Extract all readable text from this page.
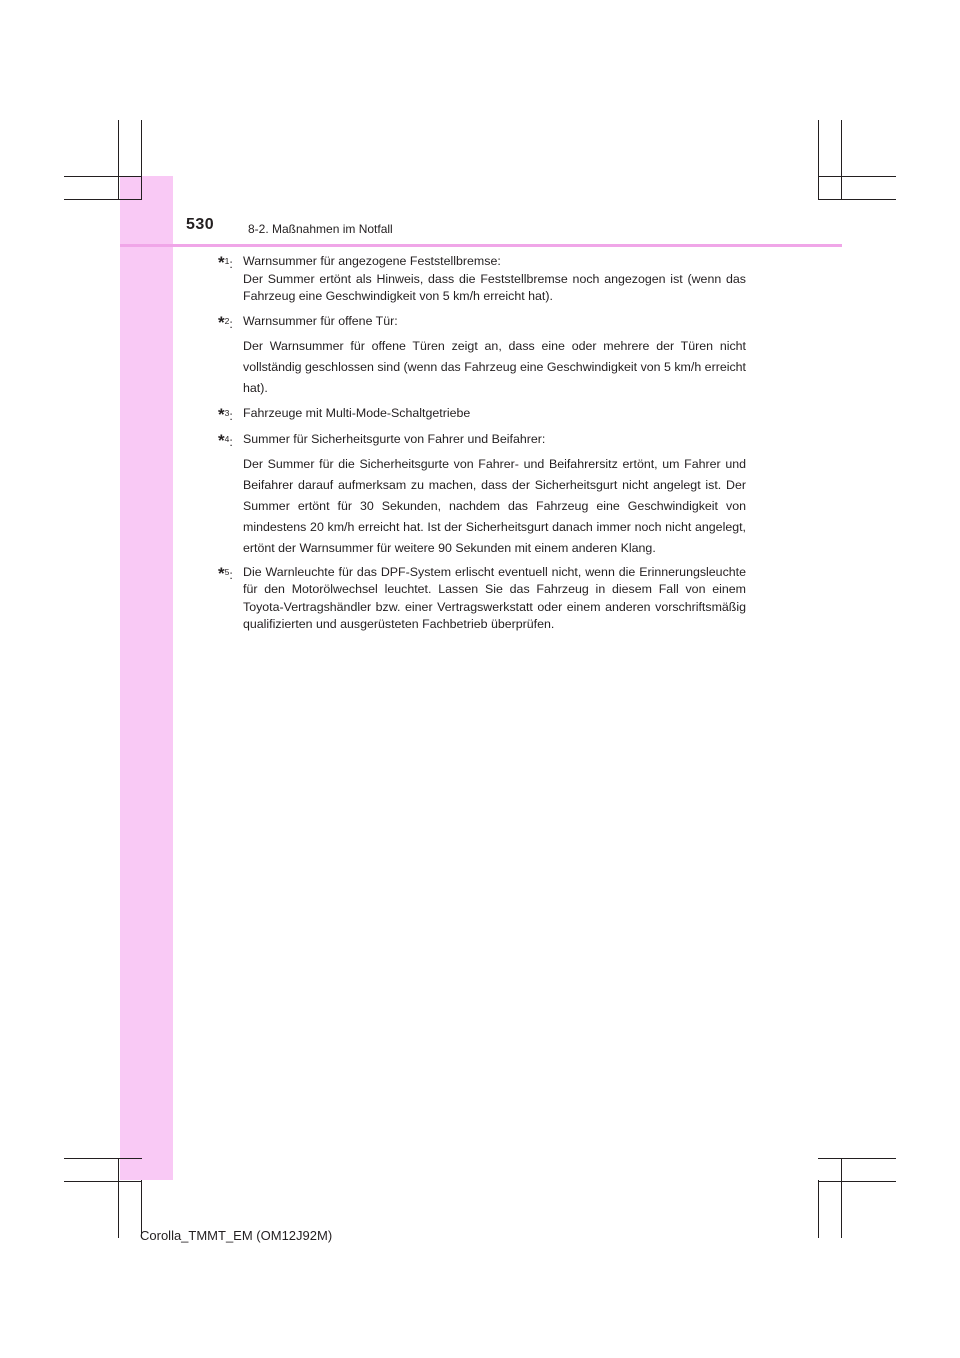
530	8-2. Maßnahmen im Notfall
*$^1$: Warnsummer für angezogene Feststellbremse:
Der Summer ertönt als Hinweis, dass die Feststellbremse noch angezogen ist (wenn das Fahrzeug eine Geschwindigkeit von 5 km/h erreicht hat).
*$^2$: Warnsummer für offene Tür:
Der Warnsummer für offene Türen zeigt an, dass eine oder mehrere der Türen nicht vollständig geschlossen sind (wenn das Fahrzeug eine Geschwindigkeit von 5 km/h erreicht hat).
*$^3$: Fahrzeuge mit Multi-Mode-Schaltgetriebe
*$^4$: Summer für Sicherheitsgurte von Fahrer und Beifahrer:
Der Summer für die Sicherheitsgurte von Fahrer- und Beifahrersitz ertönt, um Fahrer und Beifahrer darauf aufmerksam zu machen, dass der Sicherheitsgurt nicht angelegt ist. Der Summer ertönt für 30 Sekunden, nachdem das Fahrzeug eine Geschwindigkeit von mindestens 20 km/h erreicht hat. Ist der Sicherheitsgurt danach immer noch nicht angelegt, ertönt der Warnsummer für weitere 90 Sekunden mit einem anderen Klang.
*$^5$: Die Warnleuchte für das DPF-System erlischt eventuell nicht, wenn die Erinnerungsleuchte für den Motorölwechsel leuchtet. Lassen Sie das Fahrzeug in diesem Fall von einem Toyota-Vertragshändler bzw. einer Vertragswerkstatt oder einem anderen vorschriftsmäßig qualifizierten und ausgerüsteten Fachbetrieb überprüfen.
Corolla_TMMT_EM (OM12J92M)
